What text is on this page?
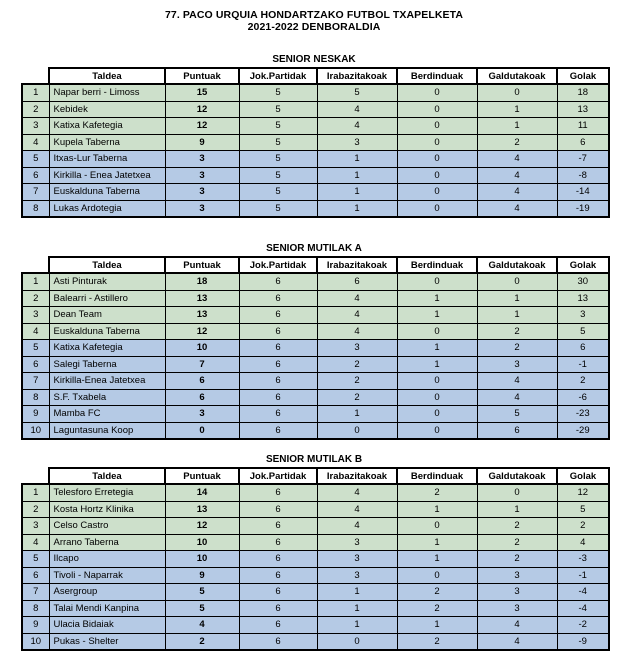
77. PACO URQUIA HONDARTZAKO FUTBOL TXAPELKETA
2021-2022 DENBORALDIA
SENIOR NESKAK
	Taldea	Puntuak	Jok.Partidak	Irabazitakoak	Berdinduak	Galdutakoak	Golak
1	Napar berri - Limoss	15	5	5	0	0	18
2	Kebidek	12	5	4	0	1	13
3	Katixa Kafetegia	12	5	4	0	1	11
4	Kupela Taberna	9	5	3	0	2	6
5	Itxas-Lur Taberna	3	5	1	0	4	-7
6	Kirkilla - Enea Jatetxea	3	5	1	0	4	-8
7	Euskalduna Taberna	3	5	1	0	4	-14
8	Lukas Ardotegia	3	5	1	0	4	-19
SENIOR MUTILAK A
	Taldea	Puntuak	Jok.Partidak	Irabazitakoak	Berdinduak	Galdutakoak	Golak
1	Asti Pinturak	18	6	6	0	0	30
2	Balearri - Astillero	13	6	4	1	1	13
3	Dean Team	13	6	4	1	1	3
4	Euskalduna Taberna	12	6	4	0	2	5
5	Katixa Kafetegia	10	6	3	1	2	6
6	Salegi Taberna	7	6	2	1	3	-1
7	Kirkilla-Enea Jatetxea	6	6	2	0	4	2
8	S.F. Txabela	6	6	2	0	4	-6
9	Mamba FC	3	6	1	0	5	-23
10	Laguntasuna Koop	0	6	0	0	6	-29
SENIOR MUTILAK B
	Taldea	Puntuak	Jok.Partidak	Irabazitakoak	Berdinduak	Galdutakoak	Golak
1	Telesforo Erretegia	14	6	4	2	0	12
2	Kosta Hortz Klinika	13	6	4	1	1	5
3	Celso Castro	12	6	4	0	2	2
4	Arrano Taberna	10	6	3	1	2	4
5	Ilcapo	10	6	3	1	2	-3
6	Tivoli - Naparrak	9	6	3	0	3	-1
7	Asergroup	5	6	1	2	3	-4
8	Talai Mendi Kanpina	5	6	1	2	3	-4
9	Ulacia Bidaiak	4	6	1	1	4	-2
10	Pukas - Shelter	2	6	0	2	4	-9
